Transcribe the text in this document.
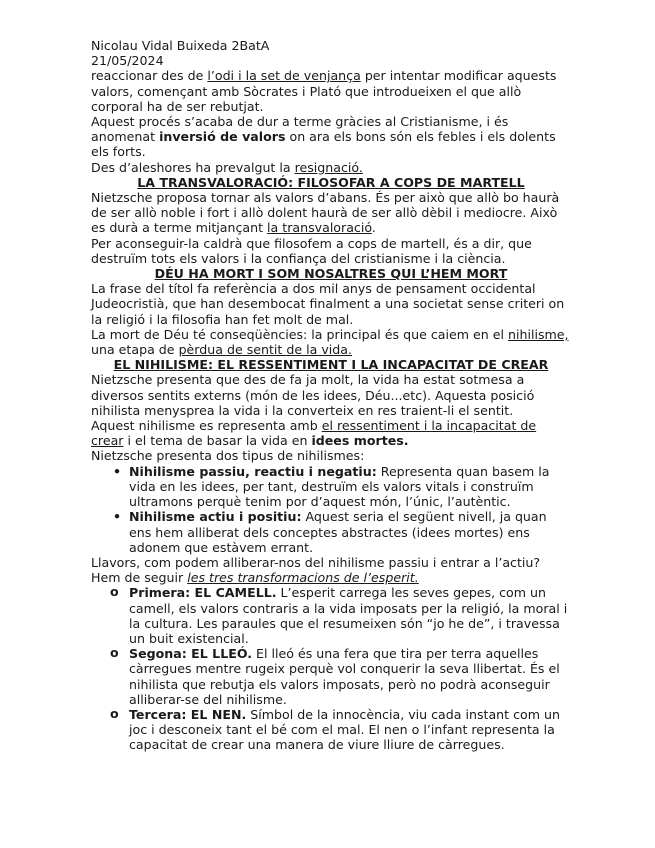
Nicolau Vidal Buixeda 2BatA
21/05/2024

reaccionar des de l’odi i la set de venjança per intentar modificar aquests valors, començant amb Sòcrates i Plató que introdueixen el que allò corporal ha de ser rebutjat.

Aquest procés s’acaba de dur a terme gràcies al Cristianisme, i és anomenat inversió de valors on ara els bons són els febles i els dolents els forts.

Des d’aleshores ha prevalgut la resignació.

LA TRANSVALORACIÓ: FILOSOFAR A COPS DE MARTELL

Nietzsche proposa tornar als valors d’abans. És per això que allò bo haurà de ser allò noble i fort i allò dolent haurà de ser allò dèbil i mediocre. Això es durà a terme mitjançant la transvaloració.

Per aconseguir-la caldrà que filosofem a cops de martell, és a dir, que destruïm tots els valors i la confiança del cristianisme i la ciència.

DÉU HA MORT I SOM NOSALTRES QUI L’HEM MORT

La frase del títol fa referència a dos mil anys de pensament occidental Judeocristià, que han desembocat finalment a una societat sense criteri on la religió i la filosofia han fet molt de mal.

La mort de Déu té conseqüències: la principal és que caiem en el nihilisme, una etapa de pèrdua de sentit de la vida.

EL NIHILISME: EL RESSENTIMENT I LA INCAPACITAT DE CREAR

Nietzsche presenta que des de fa ja molt, la vida ha estat sotmesa a diversos sentits externs (món de les idees, Déu...etc). Aquesta posició nihilista menysprea la vida i la converteix en res traient-li el sentit.

Aquest nihilisme es representa amb el ressentiment i la incapacitat de crear i el tema de basar la vida en idees mortes.

Nietzsche presenta dos tipus de nihilismes:

• Nihilisme passiu, reactiu i negatiu: Representa quan basem la vida en les idees, per tant, destruïm els valors vitals i construïm ultramons perquè tenim por d’aquest món, l’únic, l’autèntic.
• Nihilisme actiu i positiu: Aquest seria el següent nivell, ja quan ens hem alliberat dels conceptes abstractes (idees mortes) ens adonem que estàvem errant.

Llavors, com podem alliberar-nos del nihilisme passiu i entrar a l’actiu?

Hem de seguir les tres transformacions de l’esperit.

o Primera: EL CAMELL. L’esperit carrega les seves gepes, com un camell, els valors contraris a la vida imposats per la religió, la moral i la cultura. Les paraules que el resumeixen són “jo he de”, i travessa un buit existencial.
o Segona: EL LLEÓ. El lleó és una fera que tira per terra aquelles càrregues mentre rugeix perquè vol conquerir la seva llibertat. És el nihilista que rebutja els valors imposats, però no podrà aconseguir alliberar-se del nihilisme.
o Tercera: EL NEN. Símbol de la innocència, viu cada instant com un joc i desconeix tant el bé com el mal. El nen o l’infant representa la capacitat de crear una manera de viure lliure de càrregues.
